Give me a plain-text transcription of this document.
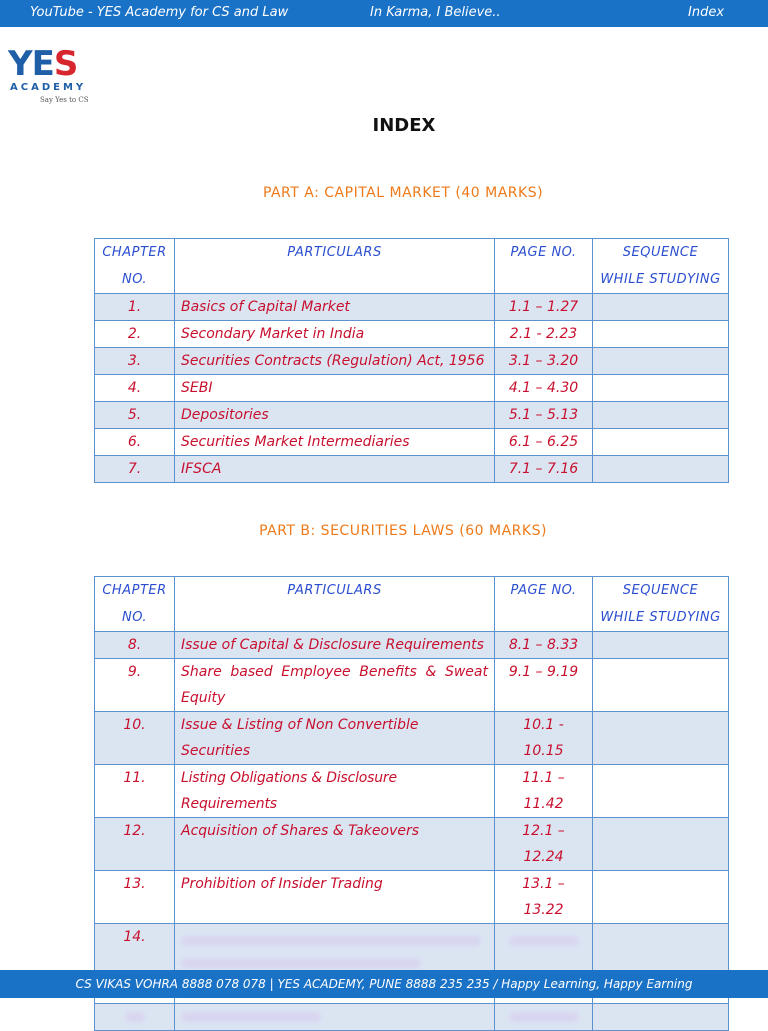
YouTube - YES Academy for CS and Law	In Karma, I Believe..	Index
YES
ACADEMY
Say Yes to CS
INDEX
PART A: CAPITAL MARKET (40 MARKS)
CHAPTER NO.	PARTICULARS	PAGE NO.	SEQUENCE WHILE STUDYING
1.	Basics of Capital Market	1.1 – 1.27	
2.	Secondary Market in India	2.1 - 2.23	
3.	Securities Contracts (Regulation) Act, 1956	3.1 – 3.20	
4.	SEBI	4.1 – 4.30	
5.	Depositories	5.1 – 5.13	
6.	Securities Market Intermediaries	6.1 – 6.25	
7.	IFSCA	7.1 – 7.16	
PART B: SECURITIES LAWS (60 MARKS)
CHAPTER NO.	PARTICULARS	PAGE NO.	SEQUENCE WHILE STUDYING
8.	Issue of Capital & Disclosure Requirements	8.1 – 8.33	
9.	Share based Employee Benefits & Sweat Equity	9.1 – 9.19	
10.	Issue & Listing of Non Convertible Securities	10.1 - 10.15	
11.	Listing Obligations & Disclosure Requirements	11.1 – 11.42	
12.	Acquisition of Shares & Takeovers	12.1 – 12.24	
13.	Prohibition of Insider Trading	13.1 – 13.22	
14.	

CS VIKAS VOHRA 8888 078 078 | YES ACADEMY, PUNE 8888 235 235 / Happy Learning, Happy Earning
